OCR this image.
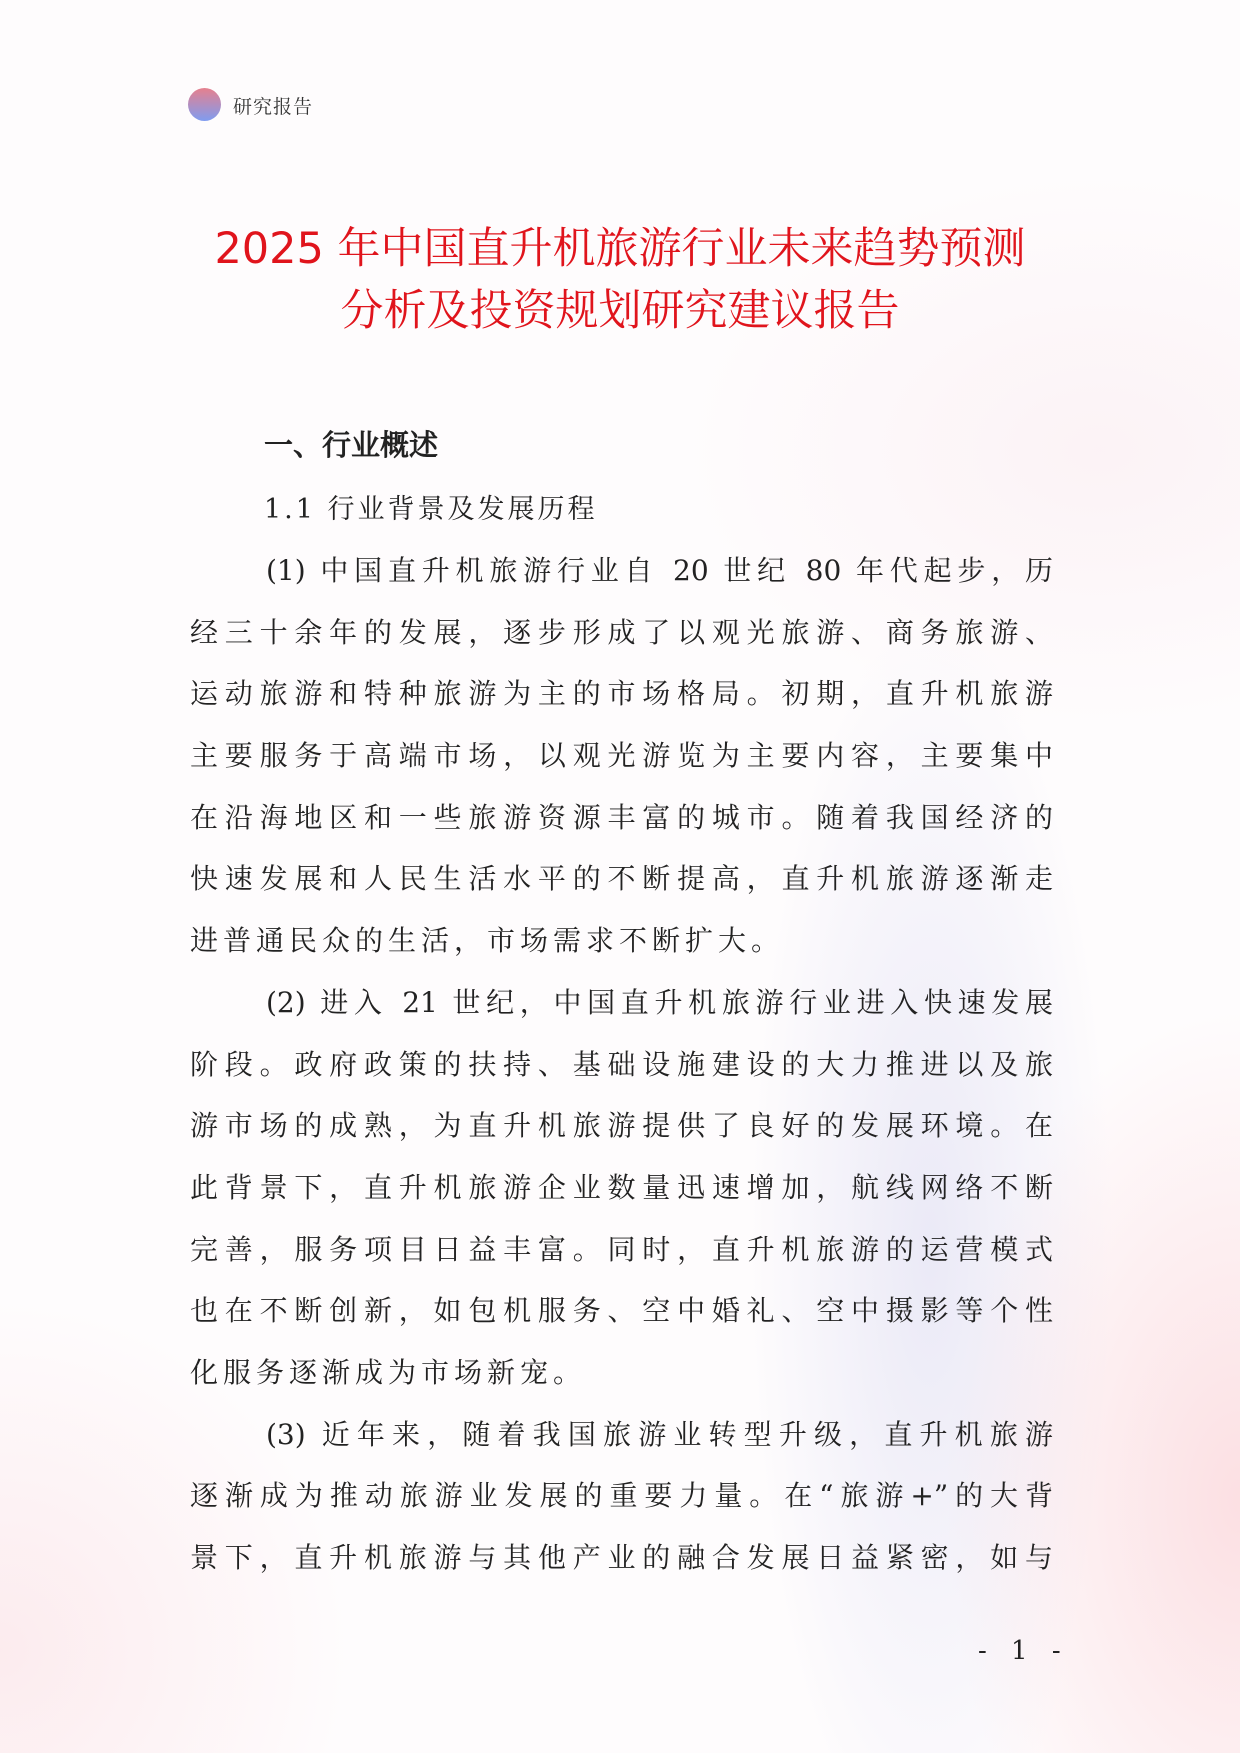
研究报告
2025 年中国直升机旅游行业未来趋势预测
分析及投资规划研究建议报告
一、行业概述
1.1 行业背景及发展历程
(1) 中国直升机旅游行业自 20 世纪 80 年代起步，历
经三十余年的发展，逐步形成了以观光旅游、商务旅游、
运动旅游和特种旅游为主的市场格局。初期，直升机旅游
主要服务于高端市场，以观光游览为主要内容，主要集中
在沿海地区和一些旅游资源丰富的城市。随着我国经济的
快速发展和人民生活水平的不断提高，直升机旅游逐渐走
进普通民众的生活，市场需求不断扩大。
(2) 进入 21 世纪，中国直升机旅游行业进入快速发展
阶段。政府政策的扶持、基础设施建设的大力推进以及旅
游市场的成熟，为直升机旅游提供了良好的发展环境。在
此背景下，直升机旅游企业数量迅速增加，航线网络不断
完善，服务项目日益丰富。同时，直升机旅游的运营模式
也在不断创新，如包机服务、空中婚礼、空中摄影等个性
化服务逐渐成为市场新宠。
(3) 近年来，随着我国旅游业转型升级，直升机旅游
逐渐成为推动旅游业发展的重要力量。在“旅游+”的大背
景下，直升机旅游与其他产业的融合发展日益紧密，如与
- 1 -
